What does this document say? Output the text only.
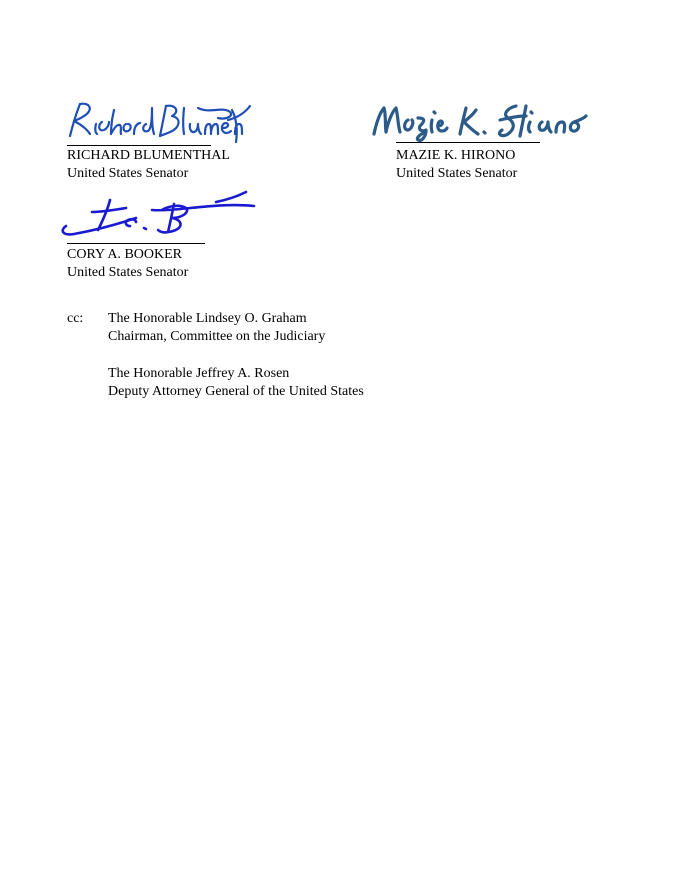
RICHARD BLUMENTHAL
United States Senator
MAZIE K. HIRONO
United States Senator
CORY A. BOOKER
United States Senator
cc: The Honorable Lindsey O. Graham
Chairman, Committee on the Judiciary
The Honorable Jeffrey A. Rosen
Deputy Attorney General of the United States
